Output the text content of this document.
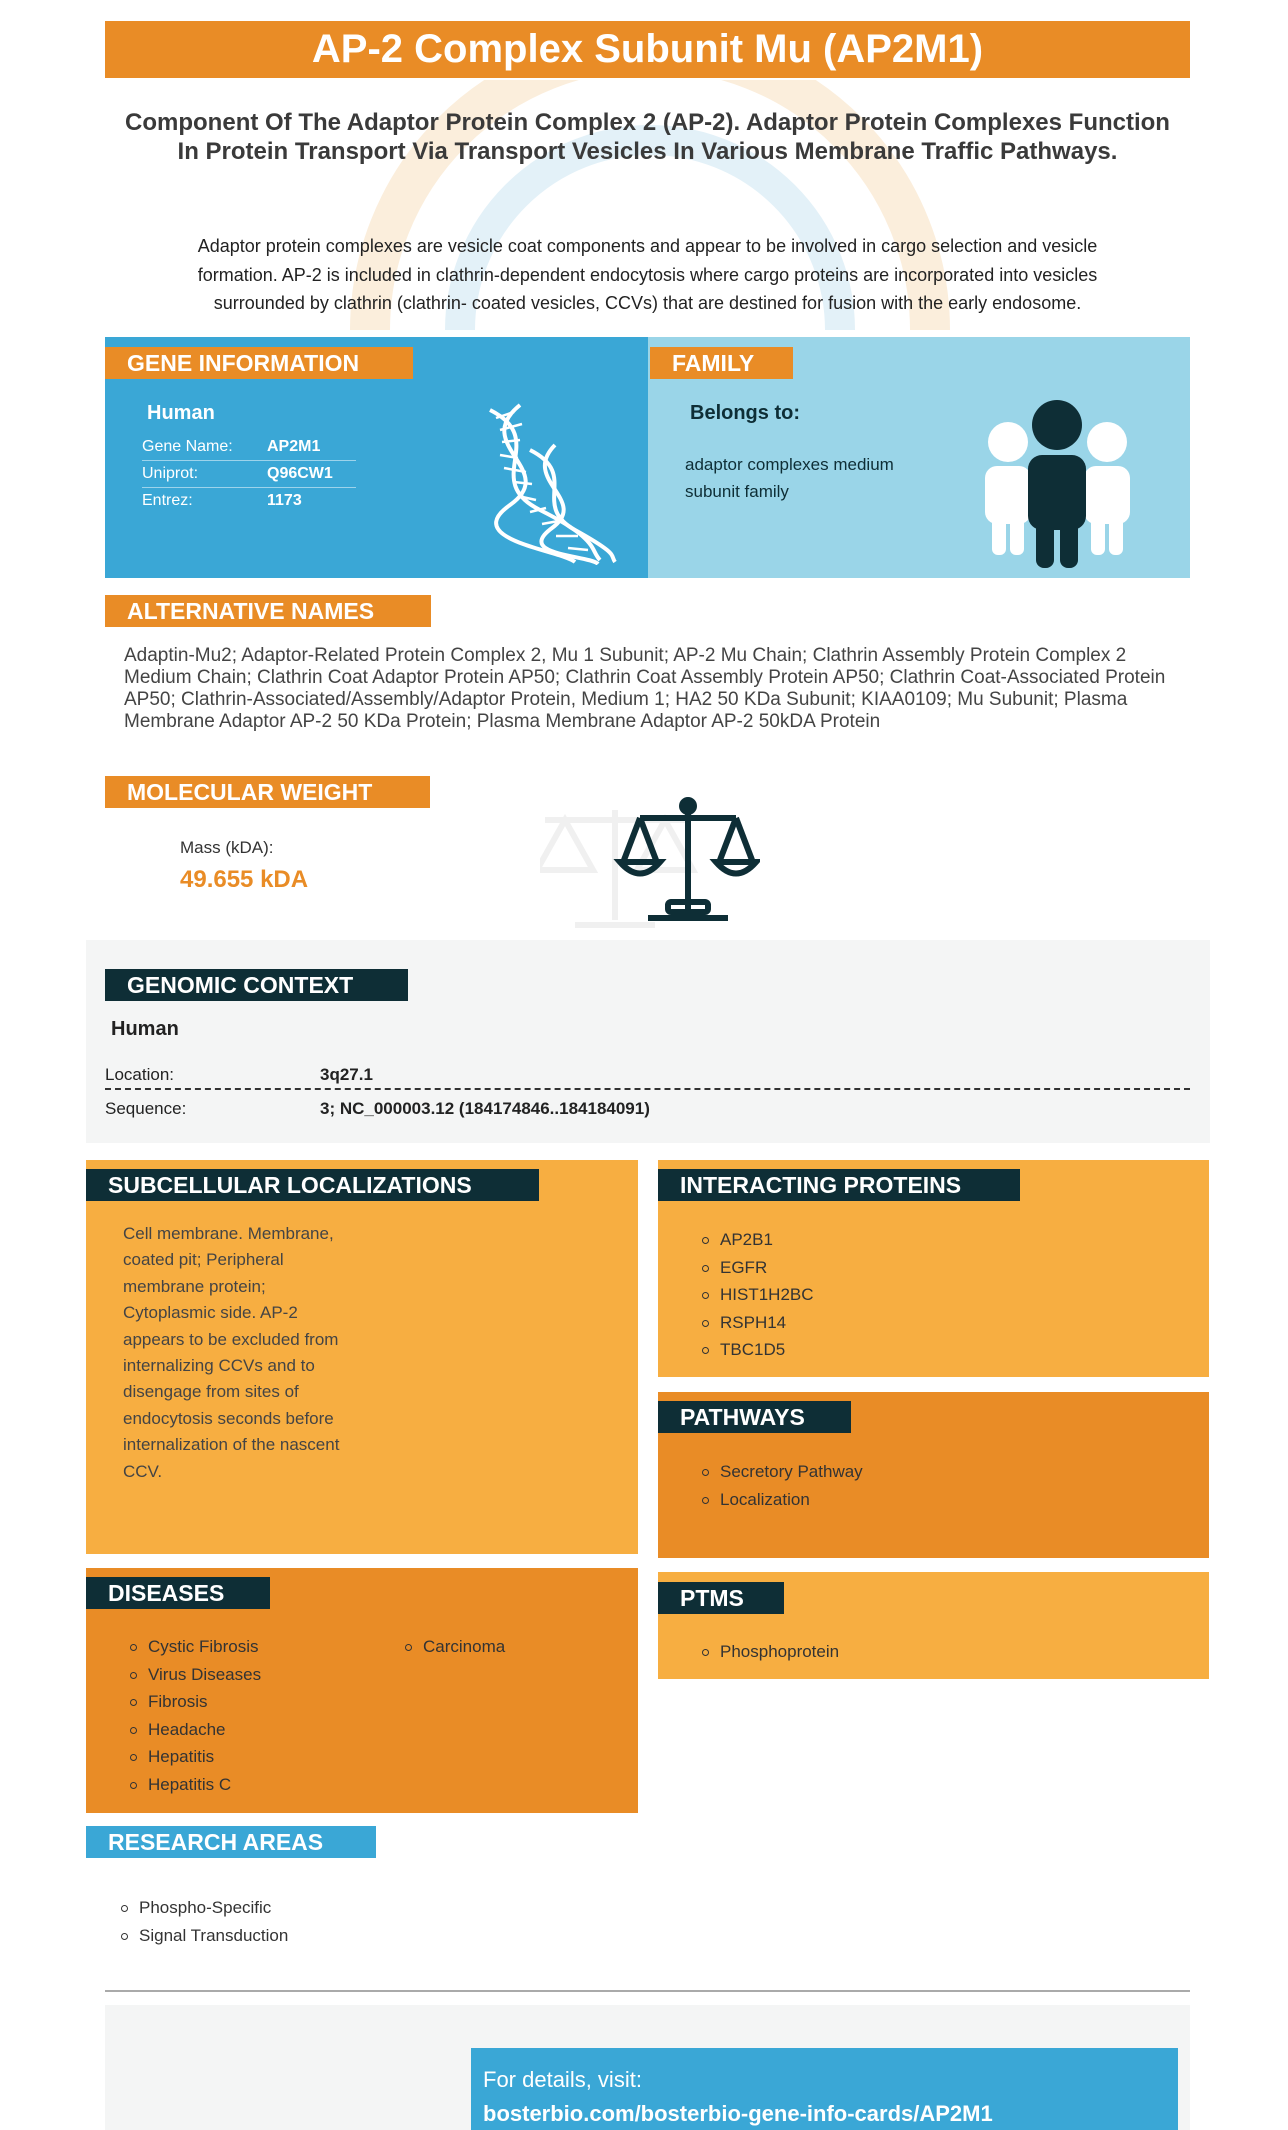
AP-2 Complex Subunit Mu (AP2M1)
Component Of The Adaptor Protein Complex 2 (AP-2). Adaptor Protein Complexes Function In Protein Transport Via Transport Vesicles In Various Membrane Traffic Pathways.
Adaptor protein complexes are vesicle coat components and appear to be involved in cargo selection and vesicle formation. AP-2 is included in clathrin-dependent endocytosis where cargo proteins are incorporated into vesicles surrounded by clathrin (clathrin- coated vesicles, CCVs) that are destined for fusion with the early endosome.
GENE INFORMATION
Human
Gene Name: AP2M1
Uniprot:	Q96CW1
Entrez:	1173
FAMILY
Belongs to:
adaptor complexes medium subunit family
ALTERNATIVE NAMES
Adaptin-Mu2; Adaptor-Related Protein Complex 2, Mu 1 Subunit; AP-2 Mu Chain; Clathrin Assembly Protein Complex 2 Medium Chain; Clathrin Coat Adaptor Protein AP50; Clathrin Coat Assembly Protein AP50; Clathrin Coat-Associated Protein AP50; Clathrin-Associated/Assembly/Adaptor Protein, Medium 1; HA2 50 KDa Subunit; KIAA0109; Mu Subunit; Plasma Membrane Adaptor AP-2 50 KDa Protein; Plasma Membrane Adaptor AP-2 50kDA Protein
MOLECULAR WEIGHT
Mass (kDA):
49.655 kDA
GENOMIC CONTEXT
Human
Location:	3q27.1
Sequence:	3; NC_000003.12 (184174846..184184091)
SUBCELLULAR LOCALIZATIONS
Cell membrane. Membrane, coated pit; Peripheral membrane protein; Cytoplasmic side. AP-2 appears to be excluded from internalizing CCVs and to disengage from sites of endocytosis seconds before internalization of the nascent CCV.
INTERACTING PROTEINS
AP2B1
EGFR
HIST1H2BC
RSPH14
TBC1D5
PATHWAYS
Secretory Pathway
Localization
DISEASES
Cystic Fibrosis
Virus Diseases
Fibrosis
Headache
Hepatitis
Hepatitis C
Carcinoma
PTMS
Phosphoprotein
RESEARCH AREAS
Phospho-Specific
Signal Transduction
For details, visit:
bosterbio.com/bosterbio-gene-info-cards/AP2M1
